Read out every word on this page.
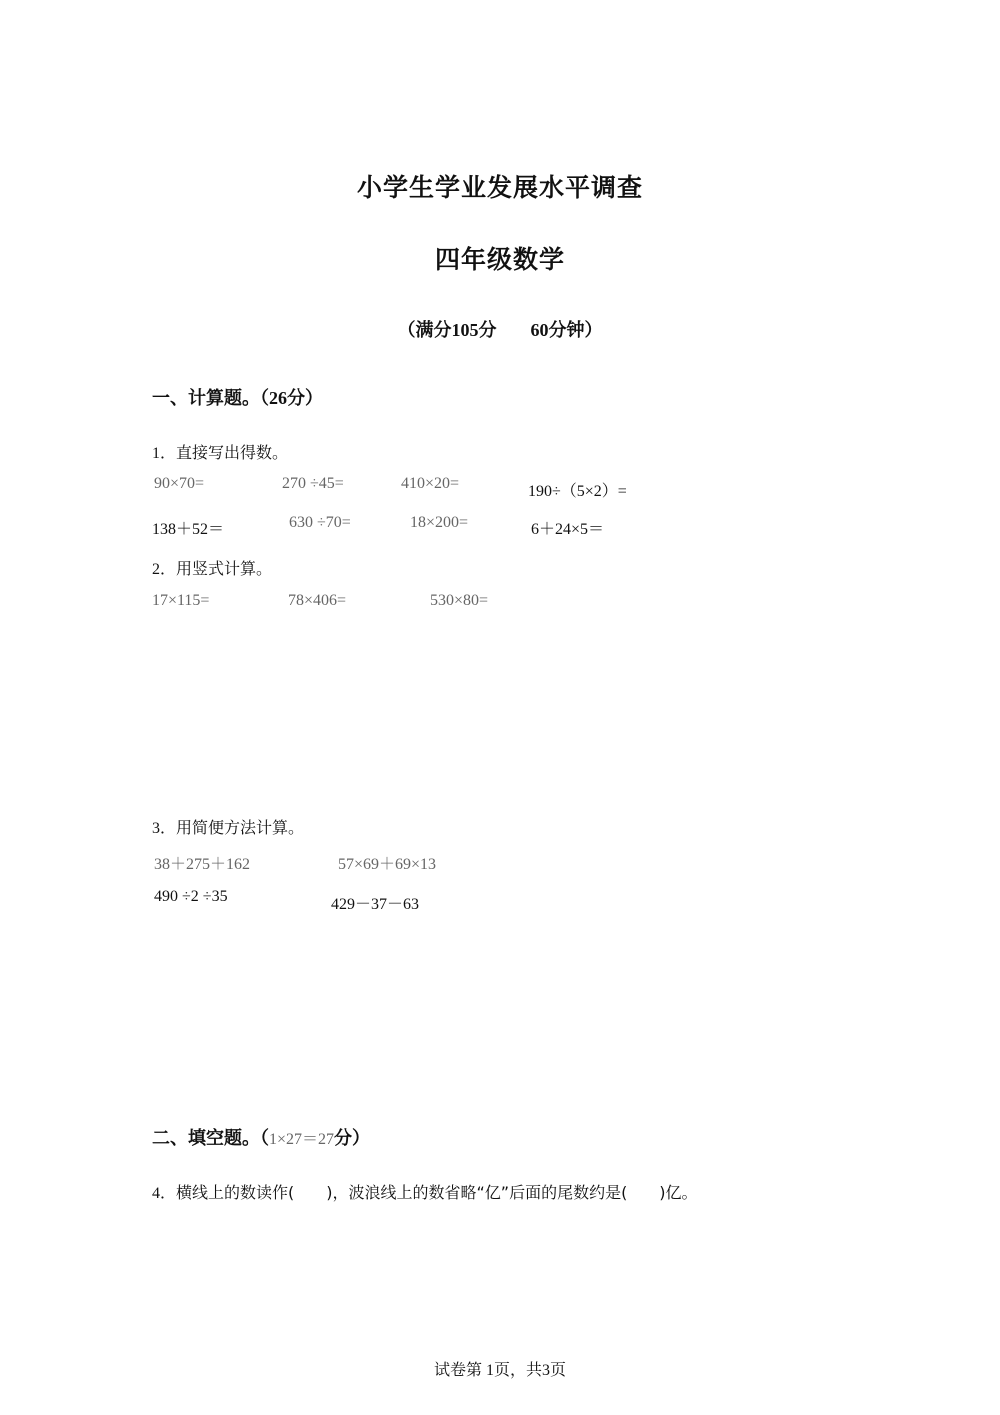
小学生学业发展水平调查
四年级数学
（满分105分 60分钟）
一、计算题。（26分）
1．直接写出得数。
90×70=	270 ÷45=	410×20=	190÷（5×2）=
138＋52＝	630 ÷70=	18×200=	6＋24×5＝
2．用竖式计算。
17×115=	78×406=	530×80=
3．用简便方法计算。
38＋275＋162	57×69＋69×13
490 ÷2 ÷35	429－37－63
二、填空题。（1×27＝27分）
4．横线上的数读作(　　)，波浪线上的数省略“亿”后面的尾数约是(　　)亿。
试卷第 1页，共3页
